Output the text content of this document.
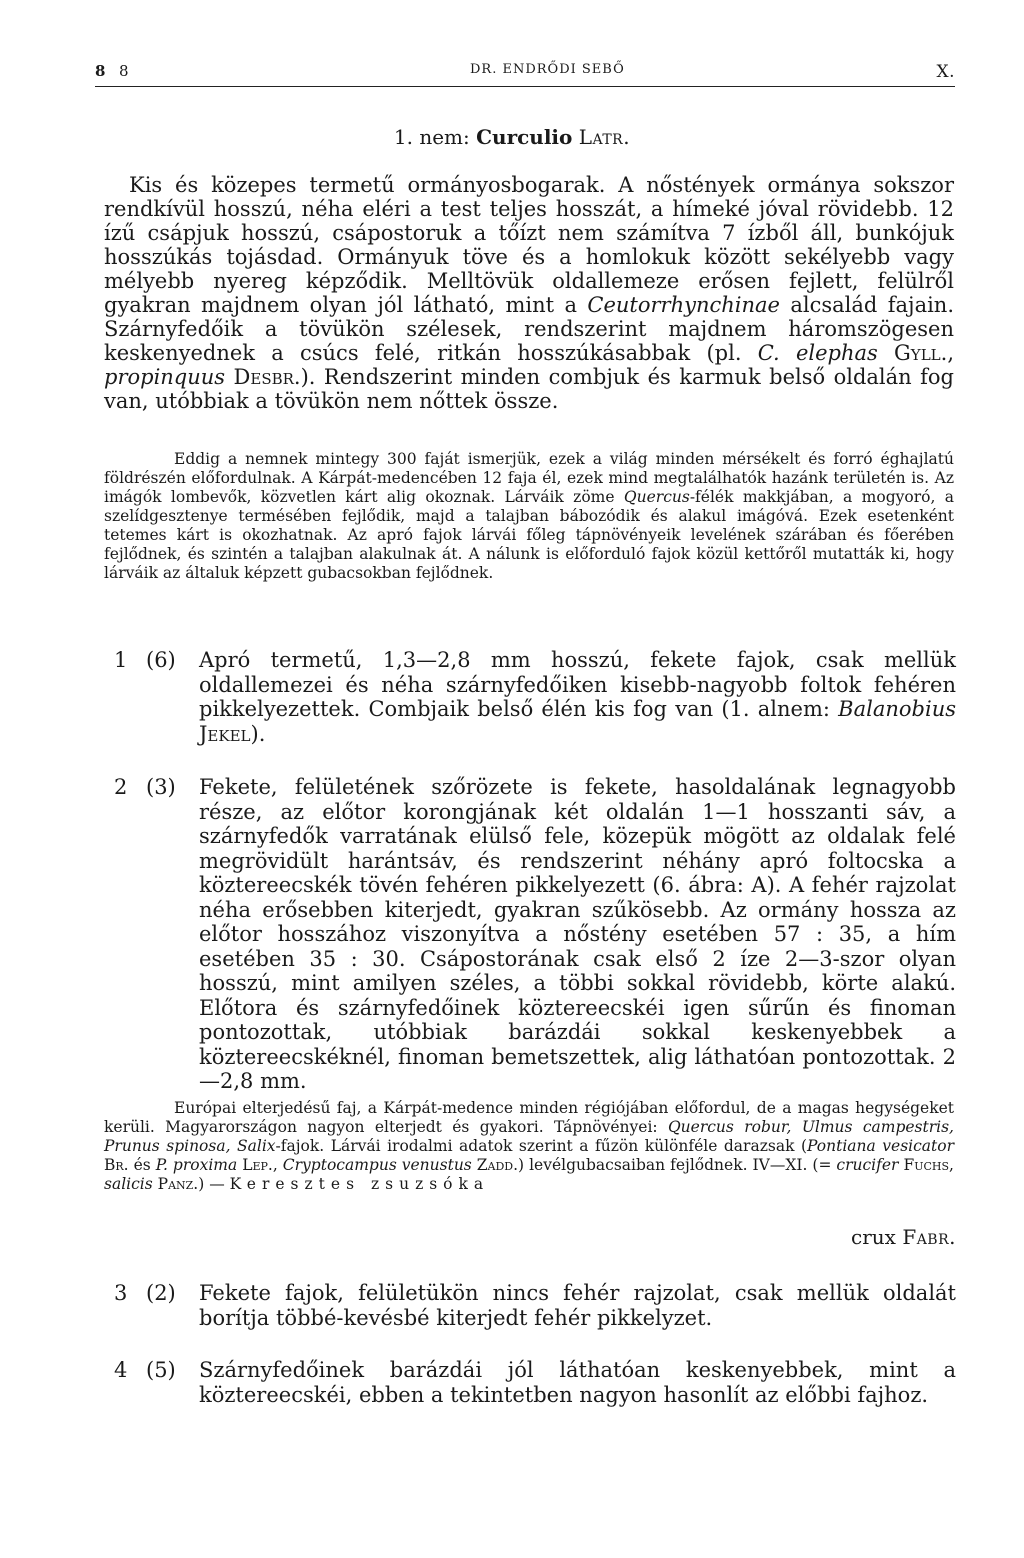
8 8	DR. ENDRŐDI SEBŐ	X.
1. nem: Curculio Latr.

Kis és közepes termetű ormányosbogarak. A nőstények ormánya sokszor rendkívül hosszú, néha eléri a test teljes hosszát, a hímeké jóval rövidebb. 12 ízű csápjuk hosszú, csápostoruk a tőízt nem számítva 7 ízből áll, bunkójuk hosszúkás tojásdad. Ormányuk töve és a homlokuk között sekélyebb vagy mélyebb nyereg képződik. Melltövük oldallemeze erősen fejlett, felülről gyakran majdnem olyan jól látható, mint a Ceutorrhynchinae alcsalád fajain. Szárnyfedőik a tövükön szélesek, rendszerint majdnem háromszögesen keskenyednek a csúcs felé, ritkán hosszúkásabbak (pl. C. elephas Gyll., propinquus Desbr.). Rendszerint minden combjuk és karmuk belső oldalán fog van, utóbbiak a tövükön nem nőttek össze.

Eddig a nemnek mintegy 300 faját ismerjük, ezek a világ minden mérsékelt és forró éghajlatú földrészén előfordulnak. A Kárpát-medencében 12 faja él, ezek mind megtalálhatók hazánk területén is. Az imágók lombevők, közvetlen kárt alig okoznak. Lárváik zöme Quercus-félék makkjában, a mogyoró, a szelídgesztenye termésében fejlődik, majd a talajban bábozódik és alakul imágóvá. Ezek esetenként tetemes kárt is okozhatnak. Az apró fajok lárvái főleg tápnövényeik levelének szárában és főerében fejlődnek, és szintén a talajban alakulnak át. A nálunk is előforduló fajok közül kettőről mutatták ki, hogy lárváik az általuk képzett gubacsokban fejlődnek.

1 (6) Apró termetű, 1,3—2,8 mm hosszú, fekete fajok, csak mellük oldallemezei és néha szárnyfedőiken kisebb-nagyobb foltok fehéren pikkelyezettek. Combjaik belső élén kis fog van (1. alnem: Balanobius Jekel).
2 (3) Fekete, felületének szőrözete is fekete, hasoldalának legnagyobb része, az előtor korongjának két oldalán 1—1 hosszanti sáv, a szárnyfedők varratának elülső fele, közepük mögött az oldalak felé megrövidült harántsáv, és rendszerint néhány apró foltocska a köztereecskék tövén fehéren pikkelyezett (6. ábra: A). A fehér rajzolat néha erősebben kiterjedt, gyakran szűkösebb. Az ormány hossza az előtor hosszához viszonyítva a nőstény esetében 57 : 35, a hím esetében 35 : 30. Csápostorának csak első 2 íze 2—3-szor olyan hosszú, mint amilyen széles, a többi sokkal rövidebb, körte alakú. Előtora és szárnyfedőinek köztereecskéi igen sűrűn és finoman pontozottak, utóbbiak barázdái sokkal keskenyebbek a köztereecskéknél, finoman bemetszettek, alig láthatóan pontozottak. 2—2,8 mm.

Európai elterjedésű faj, a Kárpát-medence minden régiójában előfordul, de a magas hegységeket kerüli. Magyarországon nagyon elterjedt és gyakori. Tápnövényei: Quercus robur, Ulmus campestris, Prunus spinosa, Salix-fajok. Lárvái irodalmi adatok szerint a fűzön különféle darazsak (Pontiana vesicator Br. és P. proxima Lep., Cryptocampus venustus Zadd.) levélgubacsaiban fejlődnek. IV—XI. (= crucifer Fuchs, salicis Panz.) — Keresztes zsuzsóka

crux Fabr.
3 (2) Fekete fajok, felületükön nincs fehér rajzolat, csak mellük oldalát borítja többé-kevésbé kiterjedt fehér pikkelyzet.
4 (5) Szárnyfedőinek barázdái jól láthatóan keskenyebbek, mint a köztereecskéi, ebben a tekintetben nagyon hasonlít az előbbi fajhoz.
